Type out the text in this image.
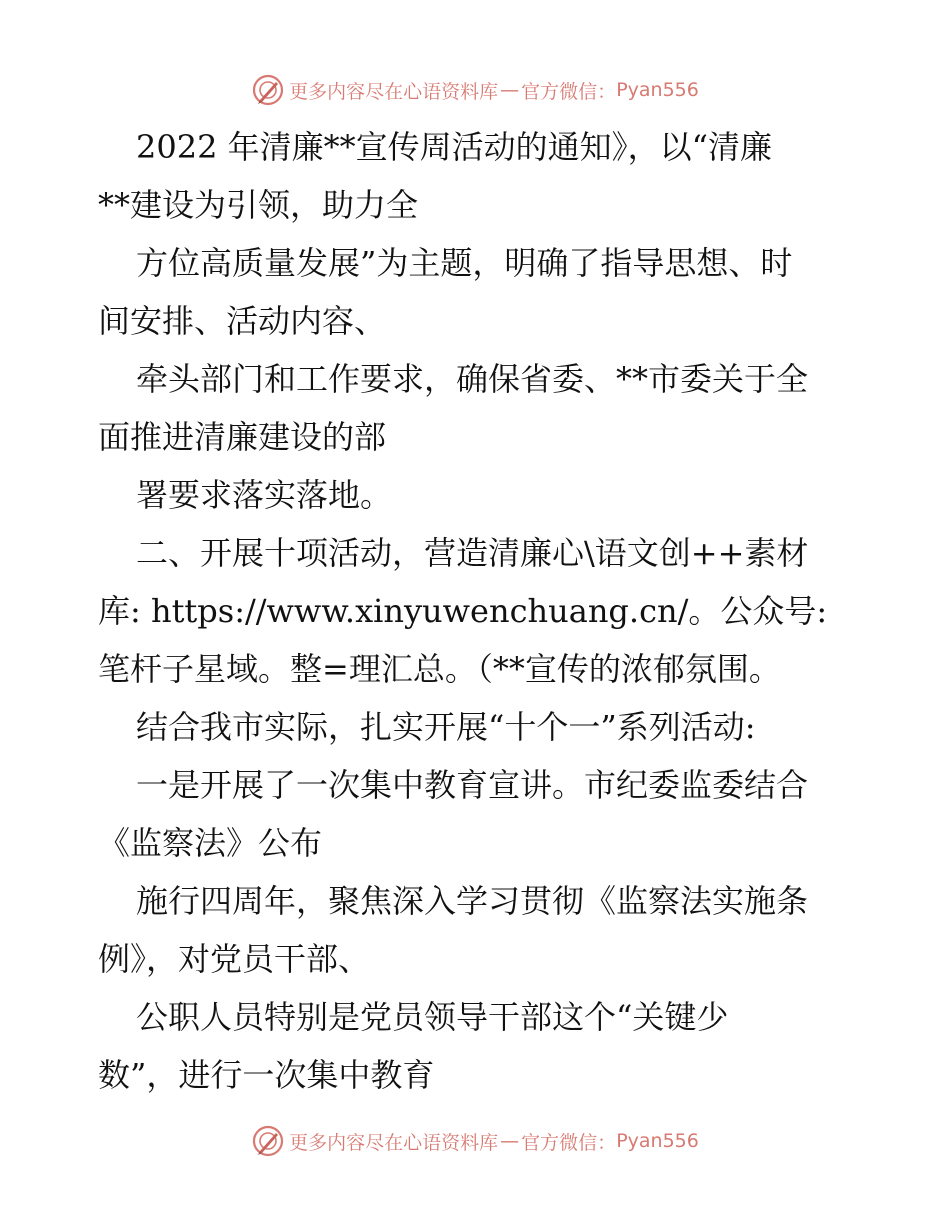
更多内容尽在心语资料库 — 官方微信： Pyan556
2022 年清廉**宣传周活动的通知》，以“清廉
**建设为引领，助力全
方位高质量发展”为主题，明确了指导思想、时
间安排、活动内容、
牵头部门和工作要求，确保省委、**市委关于全
面推进清廉建设的部
署要求落实落地。
二、开展十项活动，营造清廉心\语文创++素材
库: https://www.xinyuwenchuang.cn/。公众号:
笔杆子星域。整=理汇总。（**宣传的浓郁氛围。
结合我市实际，扎实开展“十个一”系列活动:
一是开展了一次集中教育宣讲。市纪委监委结合
《监察法》公布
施行四周年，聚焦深入学习贯彻《监察法实施条
例》，对党员干部、
公职人员特别是党员领导干部这个“关键少
数”，进行一次集中教育
更多内容尽在心语资料库 — 官方微信： Pyan556
